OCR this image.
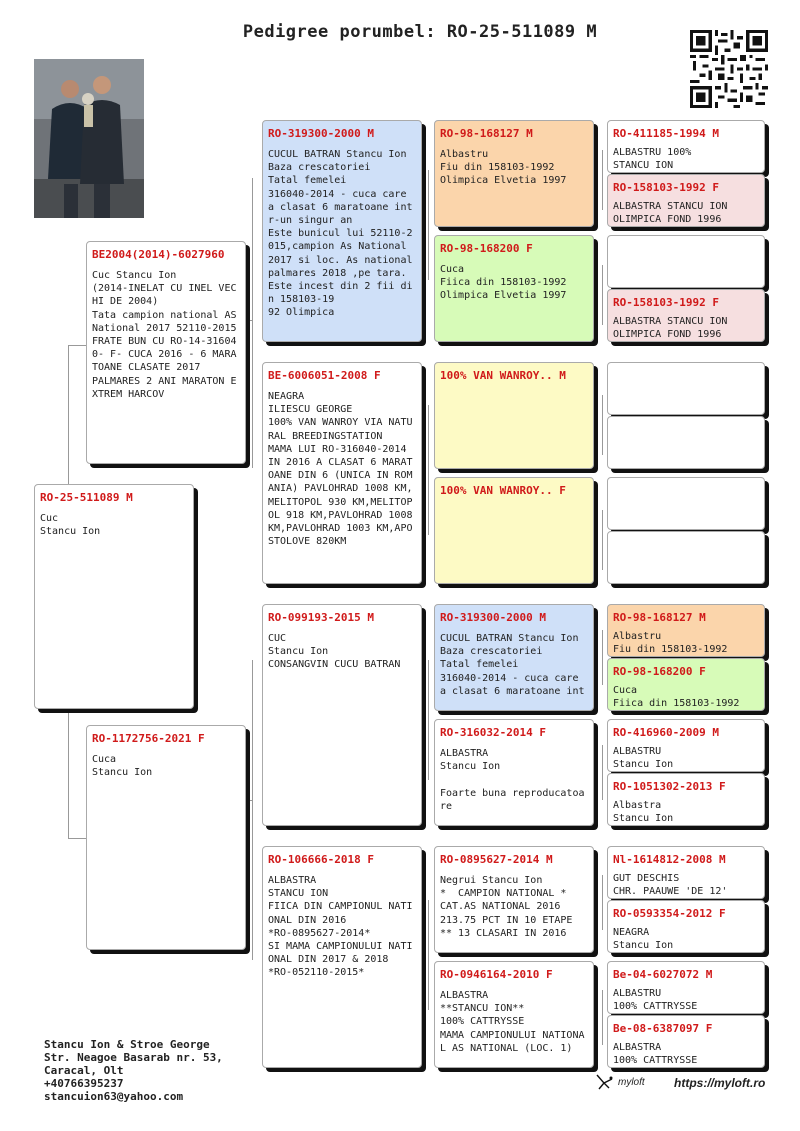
Pedigree porumbel: RO-25-511089 M
RO-25-511089 M
Cuc
Stancu Ion
BE2004(2014)-6027960
Cuc Stancu Ion
(2014-INELAT CU INEL VECHI DE 2004)
Tata campion national AS National 2017 52110-2015 FRATE BUN CU RO-14-316040- F- CUCA 2016 - 6 MARATOANE CLASATE 2017
PALMARES 2 ANI MARATON EXTREM HARCOV
RO-1172756-2021 F
Cuca
Stancu Ion
RO-319300-2000 M
CUCUL BATRAN Stancu Ion
Baza crescatoriei
Tatal femelei
316040-2014 - cuca care a clasat 6 maratoane intr-un singur an
Este bunicul lui 52110-2015,campion As National 2017 si loc. As national palmares 2018 ,pe tara. Este incest din 2 fii din 158103-19
92 Olimpica
BE-6006051-2008 F
NEAGRA
ILIESCU GEORGE
100% VAN WANROY VIA NATURAL BREEDINGSTATION
MAMA LUI RO-316040-2014 IN 2016 A CLASAT 6 MARATOANE DIN 6 (UNICA IN ROMANIA) PAVLOHRAD 1008 KM,MELITOPOL 930 KM,MELITOPOL 918 KM,PAVLOHRAD 1008 KM,PAVLOHRAD 1003 KM,APOSTOLOVE 820KM
RO-099193-2015 M
CUC
Stancu Ion
CONSANGVIN CUCU BATRAN
RO-106666-2018 F
ALBASTRA
STANCU ION
FIICA DIN CAMPIONUL NATIONAL DIN 2016
*RO-0895627-2014*
SI MAMA CAMPIONULUI NATIONAL DIN 2017 & 2018
*RO-052110-2015*
RO-98-168127 M
Albastru
Fiu din 158103-1992
Olimpica Elvetia 1997
RO-98-168200 F
Cuca
Fiica din 158103-1992
Olimpica Elvetia 1997
100% VAN WANROY.. M
100% VAN WANROY.. F
RO-319300-2000 M
CUCUL BATRAN Stancu Ion
Baza crescatoriei
Tatal femelei
316040-2014 - cuca care a clasat 6 maratoane int
RO-316032-2014 F
ALBASTRA
Stancu Ion

Foarte buna reproducatoare
RO-0895627-2014 M
Negrui Stancu Ion
*  CAMPION NATIONAL *
CAT.AS NATIONAL 2016
213.75 PCT IN 10 ETAPE
** 13 CLASARI IN 2016
RO-0946164-2010 F
ALBASTRA
**STANCU ION**
100% CATTRYSSE
MAMA CAMPIONULUI NATIONAL AS NATIONAL (LOC. 1)
RO-411185-1994 M
ALBASTRU 100%
STANCU ION
RO-158103-1992 F
ALBASTRA STANCU ION
OLIMPICA FOND 1996
RO-158103-1992 F
ALBASTRA STANCU ION
OLIMPICA FOND 1996
RO-98-168127 M
Albastru
Fiu din 158103-1992
RO-98-168200 F
Cuca
Fiica din 158103-1992
RO-416960-2009 M
ALBASTRU
Stancu Ion
RO-1051302-2013 F
Albastra
Stancu Ion
Nl-1614812-2008 M
GUT DESCHIS
CHR. PAAUWE 'DE 12'
RO-0593354-2012 F
NEAGRA
Stancu Ion
Be-04-6027072 M
ALBASTRU
100% CATTRYSSE
Be-08-6387097 F
ALBASTRA
100% CATTRYSSE
Stancu Ion & Stroe George
Str. Neagoe Basarab nr. 53,
Caracal, Olt
+40766395237
stancuion63@yahoo.com
myloft https://myloft.ro
